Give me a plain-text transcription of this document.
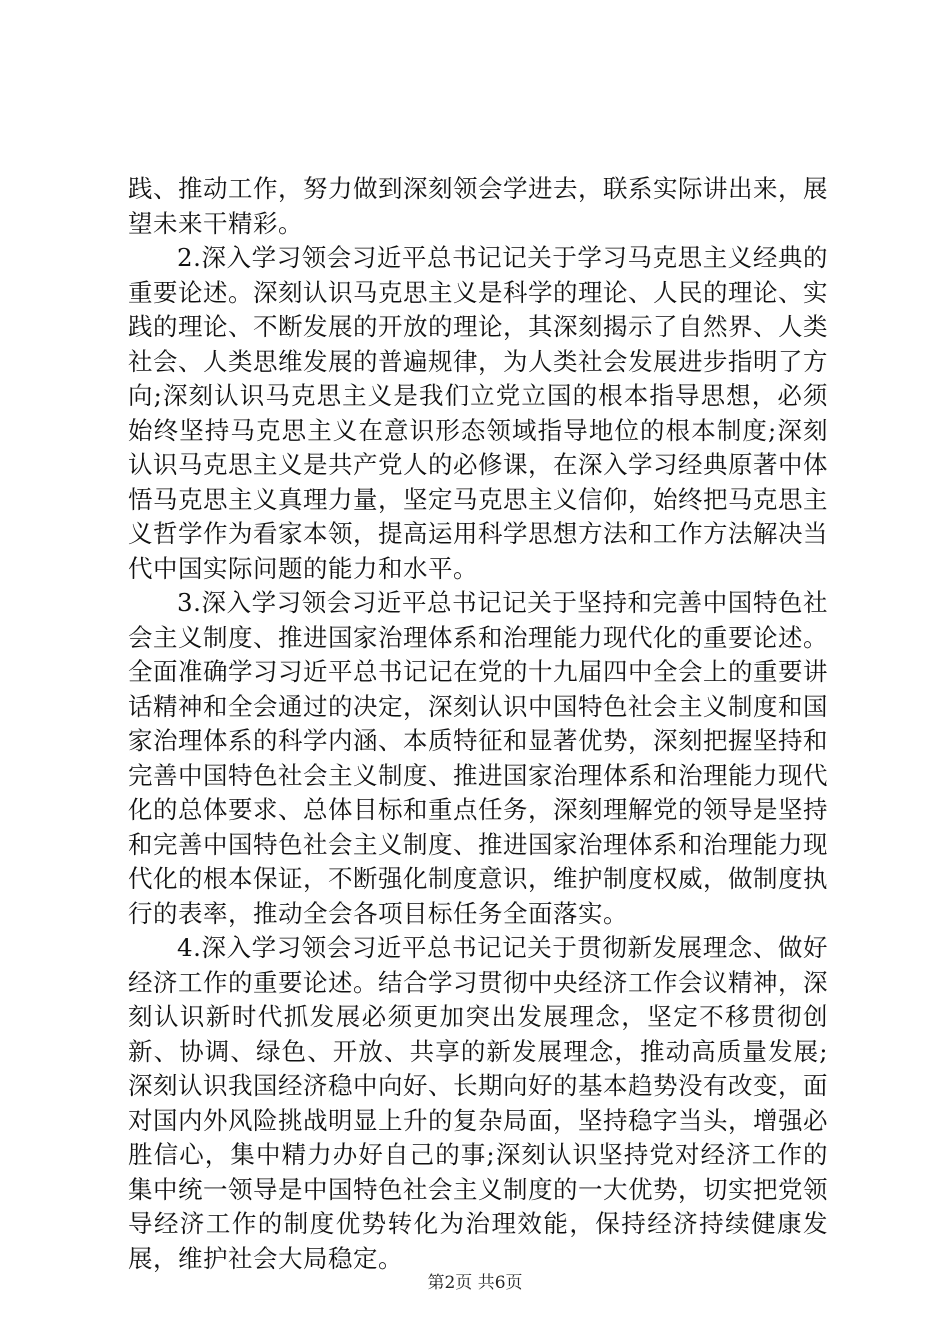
践、推动工作，努力做到深刻领会学进去，联系实际讲出来，展望未来干精彩。

2.深入学习领会习近平总书记记关于学习马克思主义经典的重要论述。深刻认识马克思主义是科学的理论、人民的理论、实践的理论、不断发展的开放的理论，其深刻揭示了自然界、人类社会、人类思维发展的普遍规律，为人类社会发展进步指明了方向;深刻认识马克思主义是我们立党立国的根本指导思想，必须始终坚持马克思主义在意识形态领域指导地位的根本制度;深刻认识马克思主义是共产党人的必修课，在深入学习经典原著中体悟马克思主义真理力量，坚定马克思主义信仰，始终把马克思主义哲学作为看家本领，提高运用科学思想方法和工作方法解决当代中国实际问题的能力和水平。

3.深入学习领会习近平总书记记关于坚持和完善中国特色社会主义制度、推进国家治理体系和治理能力现代化的重要论述。全面准确学习习近平总书记记在党的十九届四中全会上的重要讲话精神和全会通过的决定，深刻认识中国特色社会主义制度和国家治理体系的科学内涵、本质特征和显著优势，深刻把握坚持和完善中国特色社会主义制度、推进国家治理体系和治理能力现代化的总体要求、总体目标和重点任务，深刻理解党的领导是坚持和完善中国特色社会主义制度、推进国家治理体系和治理能力现代化的根本保证，不断强化制度意识，维护制度权威，做制度执行的表率，推动全会各项目标任务全面落实。

4.深入学习领会习近平总书记记关于贯彻新发展理念、做好经济工作的重要论述。结合学习贯彻中央经济工作会议精神，深刻认识新时代抓发展必须更加突出发展理念，坚定不移贯彻创新、协调、绿色、开放、共享的新发展理念，推动高质量发展;深刻认识我国经济稳中向好、长期向好的基本趋势没有改变，面对国内外风险挑战明显上升的复杂局面，坚持稳字当头，增强必胜信心，集中精力办好自己的事;深刻认识坚持党对经济工作的集中统一领导是中国特色社会主义制度的一大优势，切实把党领导经济工作的制度优势转化为治理效能，保持经济持续健康发展，维护社会大局稳定。

第2页 共6页
